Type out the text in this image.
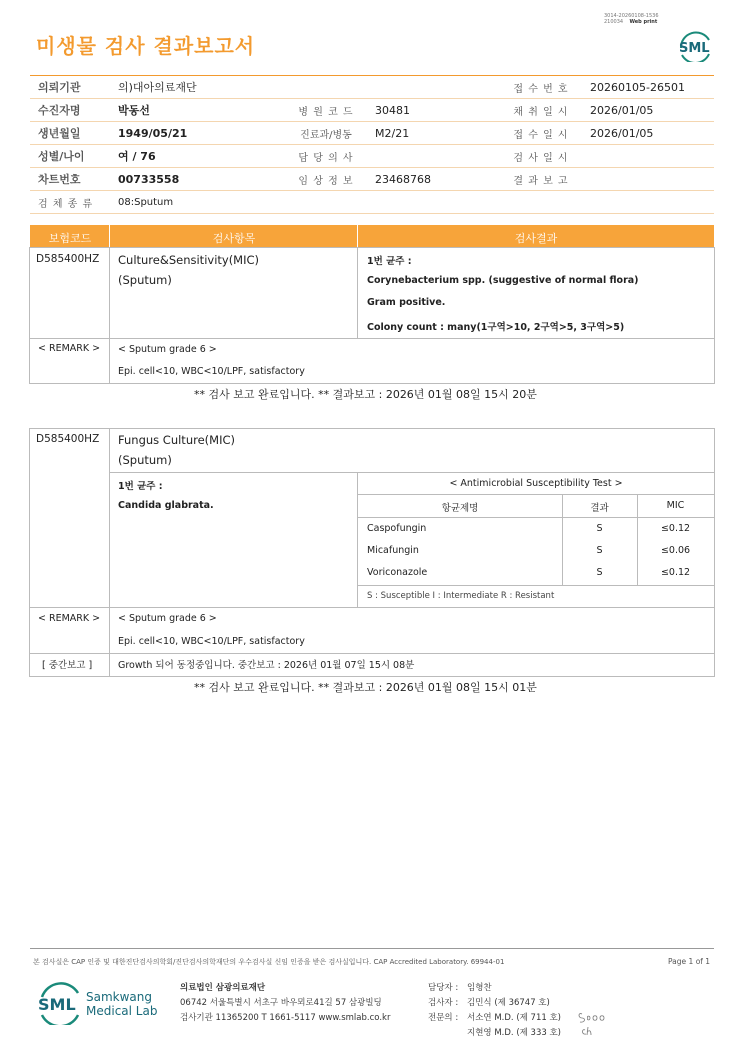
미생물 검사 결과보고서
3014-20260108-1536
210034 Web print
SML
의뢰기관	의)대아의료재단			접 수 번 호	20260105-26501
수진자명	박동선	병 원 코 드	30481	채 취 일 시	2026/01/05
생년월일	1949/05/21	진료과/병동	M2/21	접 수 일 시	2026/01/05
성별/나이	여 / 76	담 당 의 사		검 사 일 시	
차트번호	00733558	임 상 정 보	23468768	결 과 보 고	
검 체 종 류	08:Sputum				
보험코드	검사항목	검사결과
D585400HZ Culture&Sensitivity(MIC)
(Sputum)
1번 균주 :
Corynebacterium spp. (suggestive of normal flora)
Gram positive.
Colony count : many(1구역>10, 2구역>5, 3구역>5)
< REMARK > < Sputum grade 6 >
Epi. cell<10, WBC<10/LPF, satisfactory
** 검사 보고 완료입니다. ** 결과보고 : 2026년 01월 08일 15시 20분
D585400HZ Fungus Culture(MIC)
(Sputum)
1번 균주 :
Candida glabrata.
< Antimicrobial Susceptibility Test >
항균제명	결과	MIC
Caspofungin	S	≤0.12
Micafungin	S	≤0.06
Voriconazole	S	≤0.12
S : Susceptible I : Intermediate R : Resistant
< REMARK > < Sputum grade 6 >
Epi. cell<10, WBC<10/LPF, satisfactory
[ 중간보고 ]	Growth 되어 동정중입니다. 중간보고 : 2026년 01월 07일 15시 08분
** 검사 보고 완료입니다. ** 결과보고 : 2026년 01월 08일 15시 01분
본 검사실은 CAP 인증 및 대한진단검사의학회/진단검사의학재단의 우수검사실 신임 인증을 받은 검사실입니다. CAP Accredited Laboratory. 69944-01	Page 1 of 1
SML Samkwang
Medical Lab
의료법인 삼광의료재단
06742 서울특별시 서초구 바우뫼로41길 57 삼광빌딩
검사기관 11365200 T 1661-5117 www.smlab.co.kr
담당자 : 임형찬
검사자 : 김민식 (제 36747 호)
전문의 : 서소연 M.D. (제 711 호)
지현영 M.D. (제 333 호)
